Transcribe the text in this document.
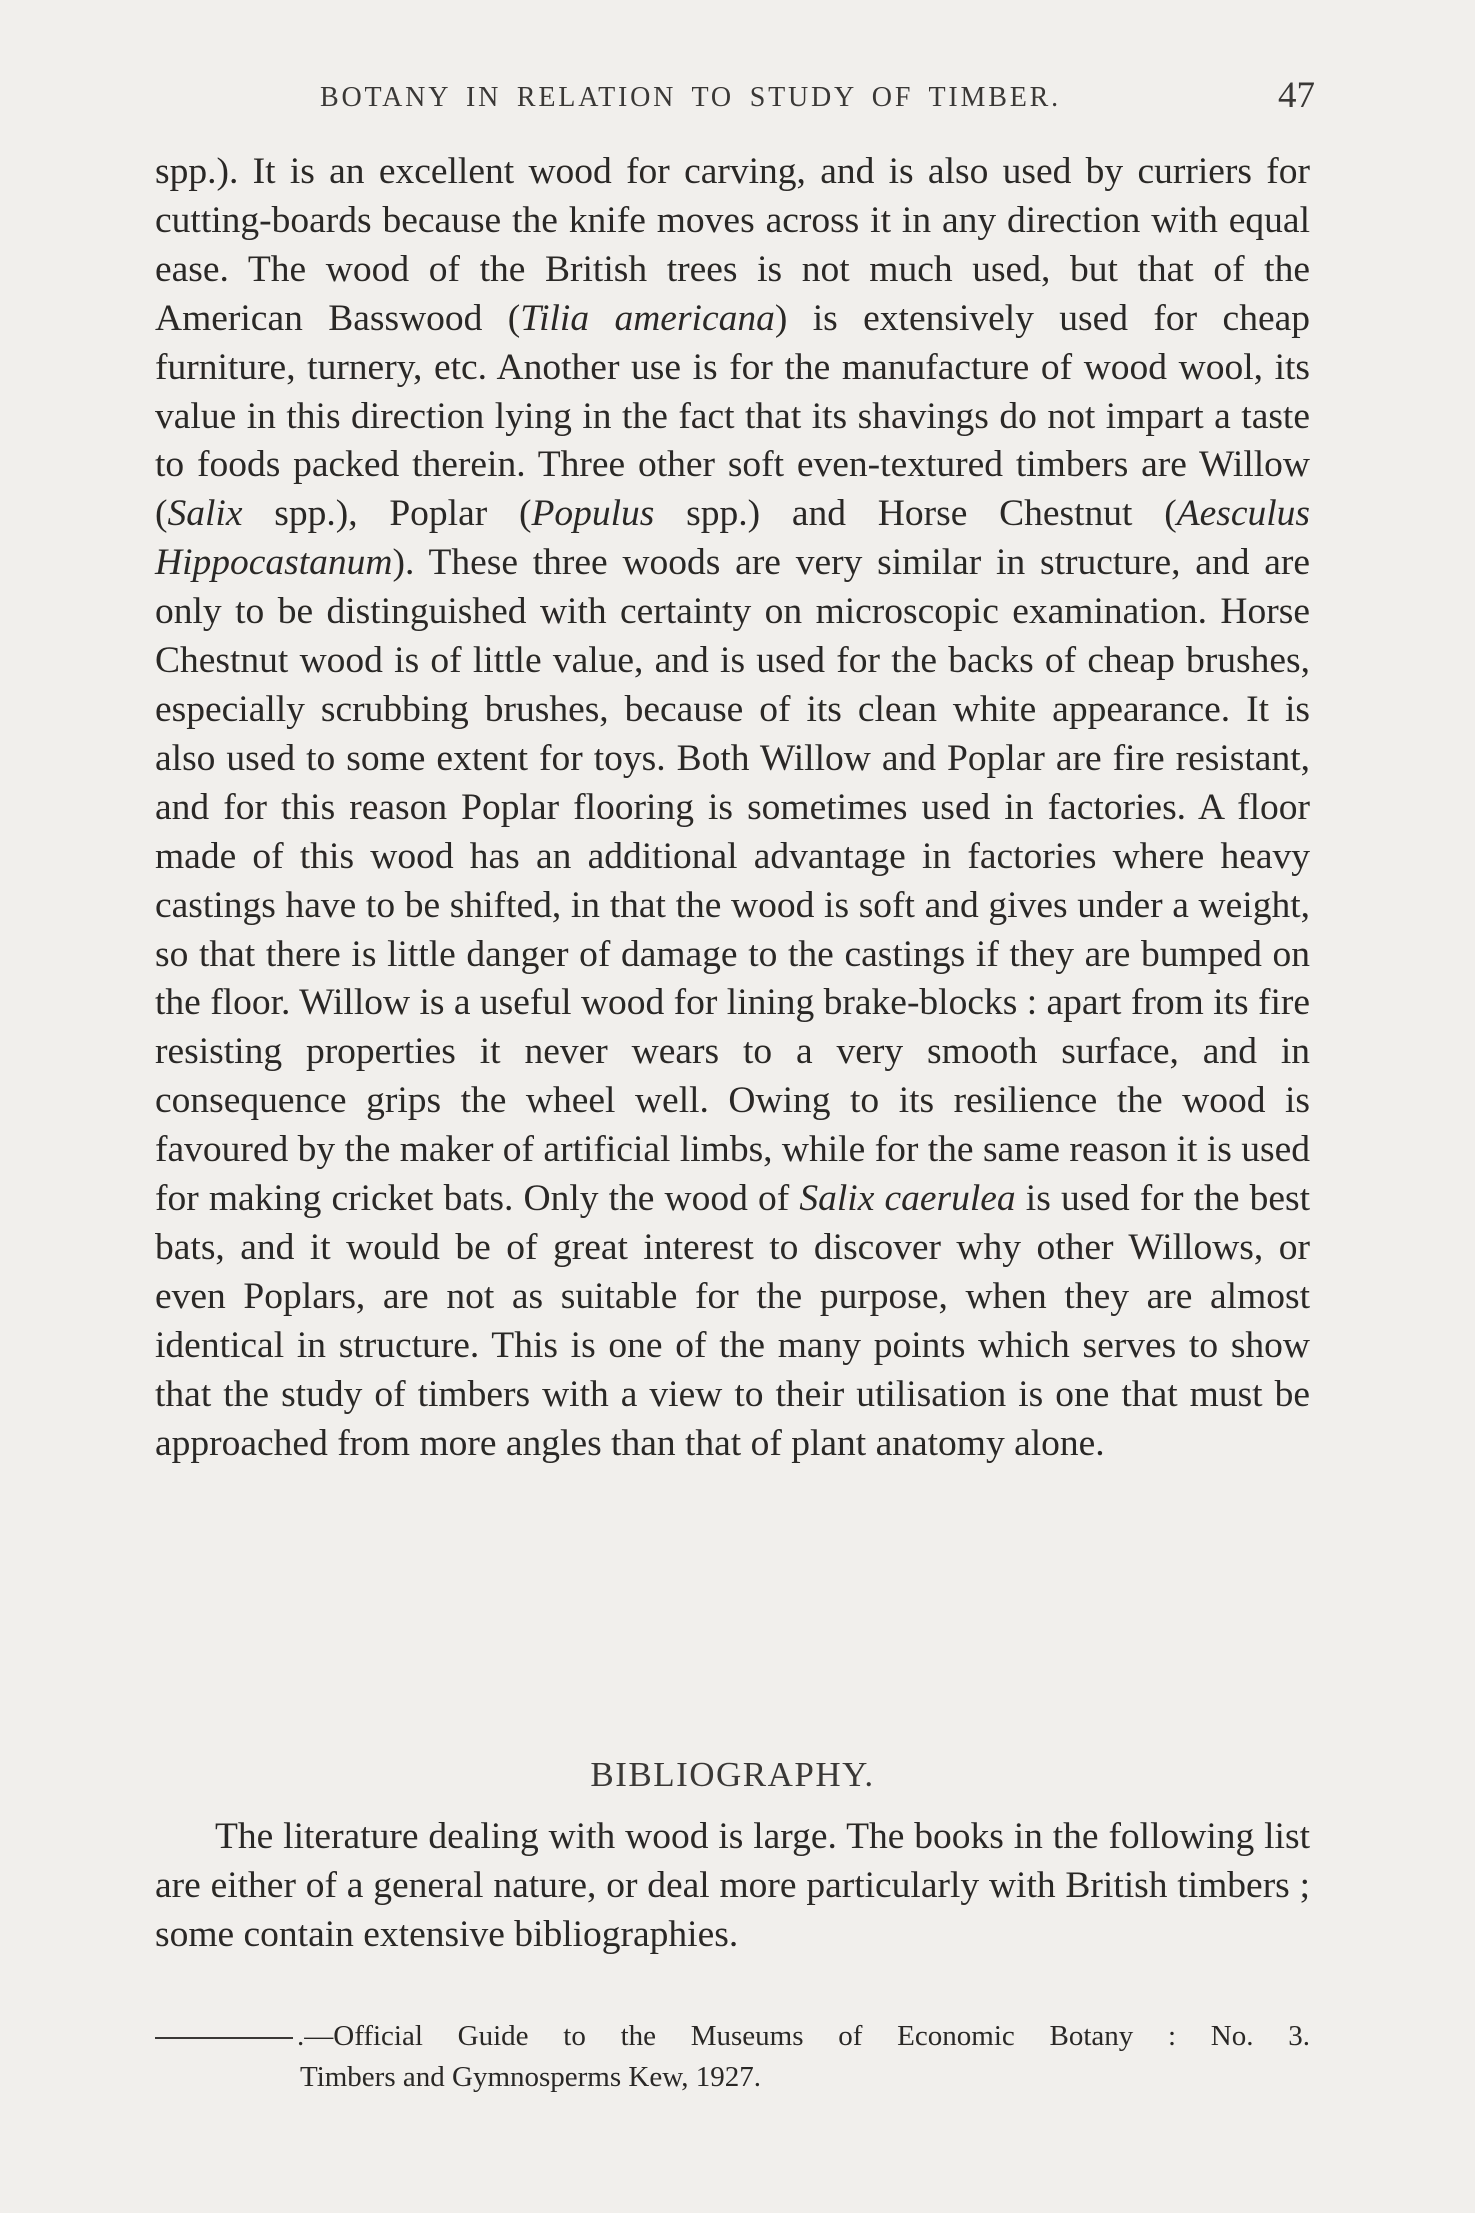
BOTANY IN RELATION TO STUDY OF TIMBER.	47

spp.). It is an excellent wood for carving, and is also used by curriers for cutting-boards because the knife moves across it in any direction with equal ease. The wood of the British trees is not much used, but that of the American Basswood (Tilia americana) is extensively used for cheap furniture, turnery, etc. Another use is for the manufacture of wood wool, its value in this direction lying in the fact that its shavings do not impart a taste to foods packed therein. Three other soft even-textured timbers are Willow (Salix spp.), Poplar (Populus spp.) and Horse Chestnut (Aesculus Hippocastanum). These three woods are very similar in structure, and are only to be distinguished with certainty on microscopic examination. Horse Chestnut wood is of little value, and is used for the backs of cheap brushes, especially scrubbing brushes, because of its clean white appearance. It is also used to some extent for toys. Both Willow and Poplar are fire resistant, and for this reason Poplar flooring is sometimes used in factories. A floor made of this wood has an additional advantage in factories where heavy castings have to be shifted, in that the wood is soft and gives under a weight, so that there is little danger of damage to the castings if they are bumped on the floor. Willow is a useful wood for lining brake-blocks : apart from its fire resisting properties it never wears to a very smooth surface, and in consequence grips the wheel well. Owing to its resilience the wood is favoured by the maker of artificial limbs, while for the same reason it is used for making cricket bats. Only the wood of Salix caerulea is used for the best bats, and it would be of great interest to discover why other Willows, or even Poplars, are not as suitable for the purpose, when they are almost identical in structure. This is one of the many points which serves to show that the study of timbers with a view to their utilisation is one that must be approached from more angles than that of plant anatomy alone.

BIBLIOGRAPHY.

The literature dealing with wood is large. The books in the following list are either of a general nature, or deal more particularly with British timbers ; some contain extensive bibliographies.

.—Official Guide to the Museums of Economic Botany : No. 3.
Timbers and Gymnosperms Kew, 1927.
